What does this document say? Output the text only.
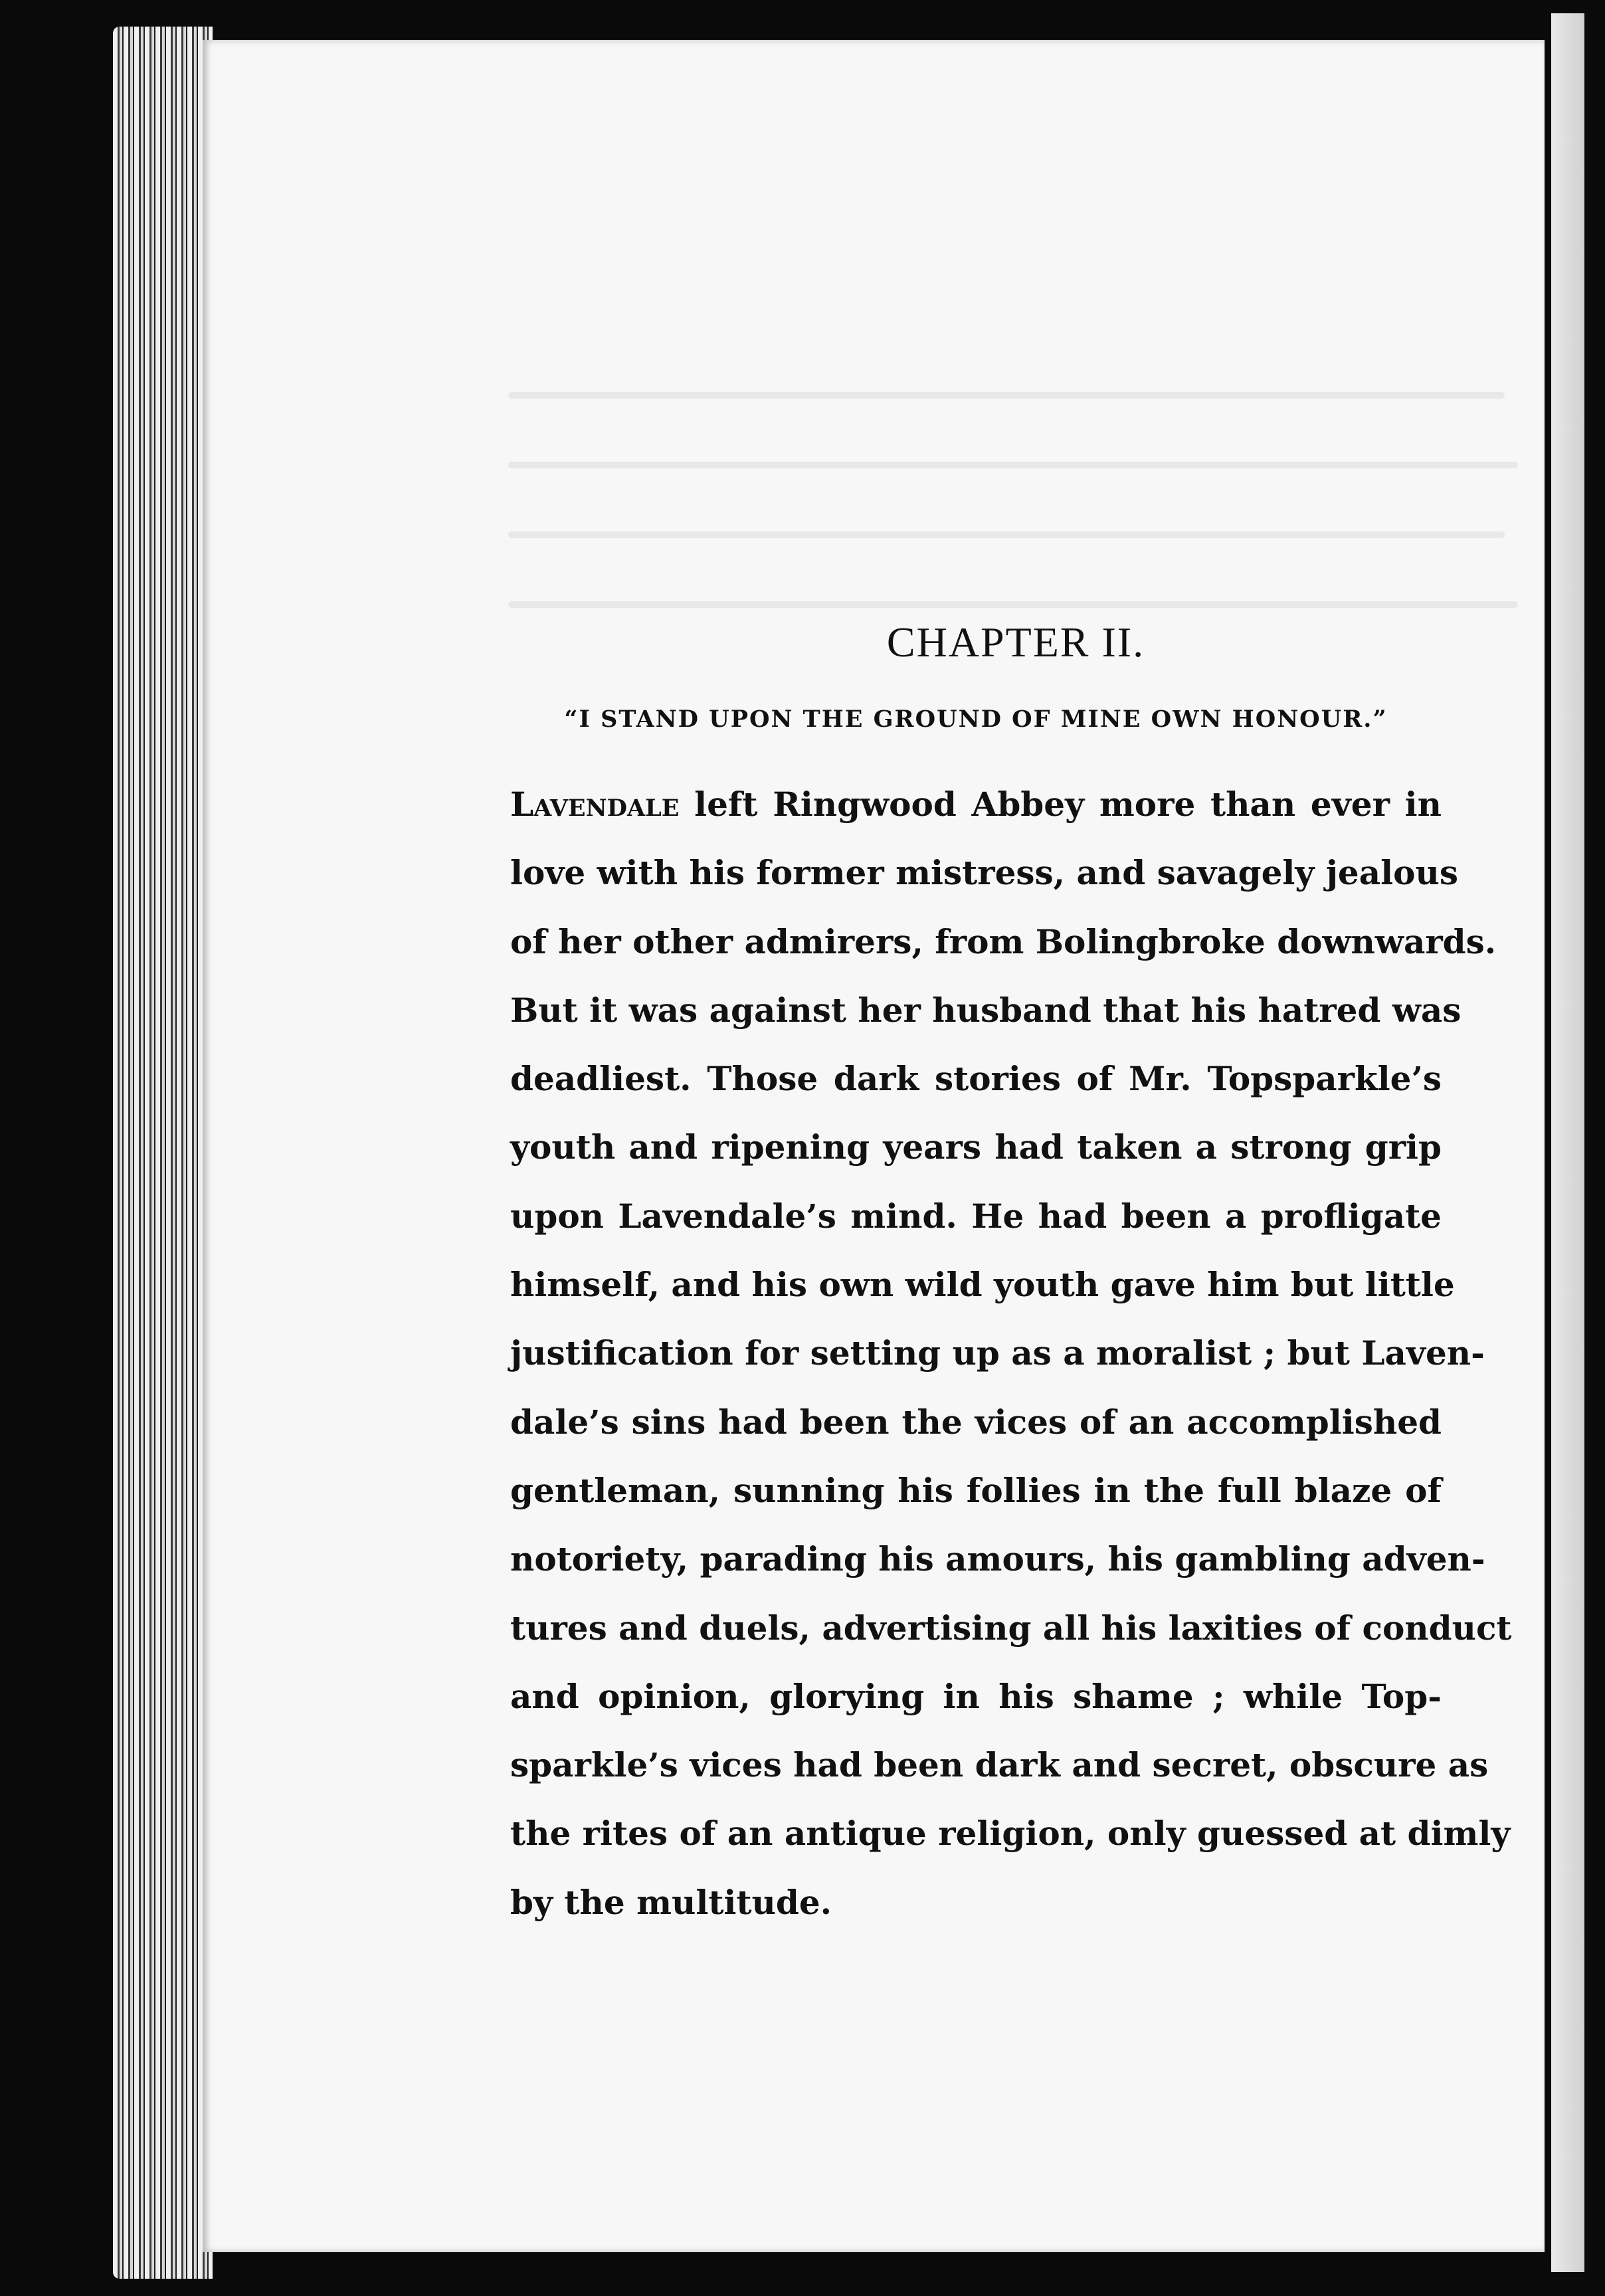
CHAPTER II.
“I STAND UPON THE GROUND OF MINE OWN HONOUR.”
Lavendale left Ringwood Abbey more than ever in
love with his former mistress, and savagely jealous
of her other admirers, from Bolingbroke downwards.
But it was against her husband that his hatred was
deadliest. Those dark stories of Mr. Topsparkle’s
youth and ripening years had taken a strong grip
upon Lavendale’s mind. He had been a profligate
himself, and his own wild youth gave him but little
justification for setting up as a moralist ; but Laven-
dale’s sins had been the vices of an accomplished
gentleman, sunning his follies in the full blaze of
notoriety, parading his amours, his gambling adven-
tures and duels, advertising all his laxities of conduct
and opinion, glorying in his shame ; while Top-
sparkle’s vices had been dark and secret, obscure as
the rites of an antique religion, only guessed at dimly
by the multitude.
